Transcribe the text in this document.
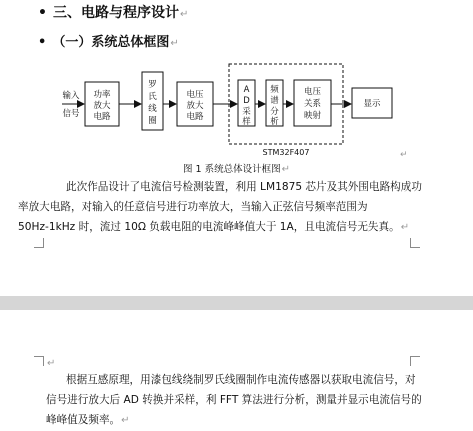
• 三、电路与程序设计↵
• （一）系统总体框图↵
输入
信号
功率
放大
电路
罗
氏
线
圈
电压
放大
电路
A
D
采
样
频
谱
分
析
电压
关系
映射
显示
STM32F407	↵
图 1 系统总体设计框图↵
此次作品设计了电流信号检测装置，利用 LM1875 芯片及其外围电路构成功
率放大电路，对输入的任意信号进行功率放大，当输入正弦信号频率范围为
50Hz-1kHz 时，流过 10Ω 负载电阻的电流峰峰值大于 1A，且电流信号无失真。↵
↵
根据互感原理，用漆包线绕制罗氏线圈制作电流传感器以获取电流信号，对
信号进行放大后 AD 转换并采样，利 FFT 算法进行分析，测量并显示电流信号的
峰峰值及频率。↵
